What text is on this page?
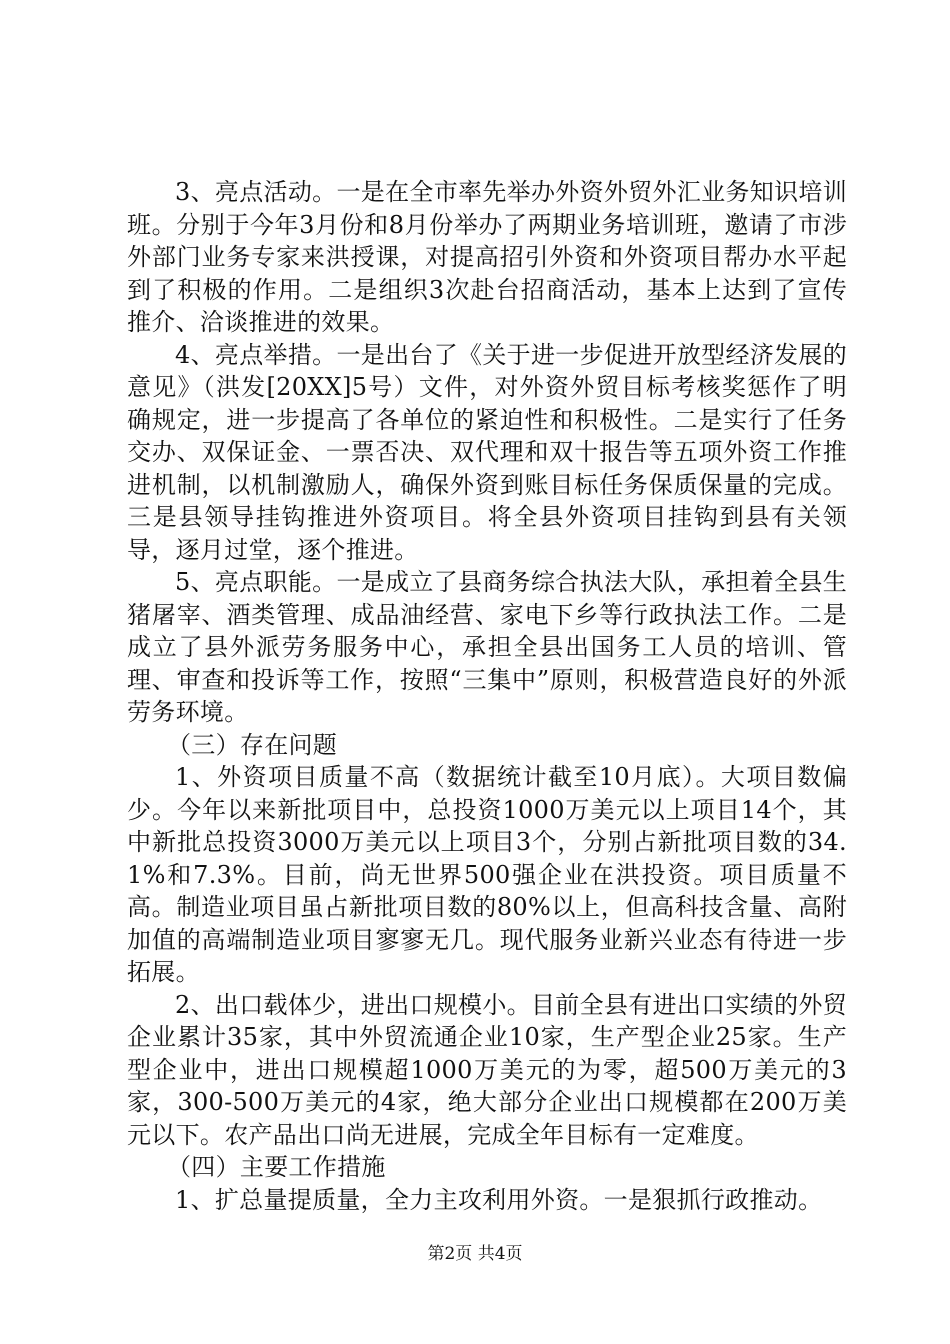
3、亮点活动。一是在全市率先举办外资外贸外汇业务知识培训班。分别于今年3月份和8月份举办了两期业务培训班，邀请了市涉外部门业务专家来洪授课，对提高招引外资和外资项目帮办水平起到了积极的作用。二是组织3次赴台招商活动，基本上达到了宣传推介、洽谈推进的效果。

4、亮点举措。一是出台了《关于进一步促进开放型经济发展的意见》（洪发[20XX]5号）文件，对外资外贸目标考核奖惩作了明确规定，进一步提高了各单位的紧迫性和积极性。二是实行了任务交办、双保证金、一票否决、双代理和双十报告等五项外资工作推进机制，以机制激励人，确保外资到账目标任务保质保量的完成。三是县领导挂钩推进外资项目。将全县外资项目挂钩到县有关领导，逐月过堂，逐个推进。

5、亮点职能。一是成立了县商务综合执法大队，承担着全县生猪屠宰、酒类管理、成品油经营、家电下乡等行政执法工作。二是成立了县外派劳务服务中心，承担全县出国务工人员的培训、管理、审查和投诉等工作，按照“三集中”原则，积极营造良好的外派劳务环境。

（三）存在问题

1、外资项目质量不高（数据统计截至10月底）。大项目数偏少。今年以来新批项目中，总投资1000万美元以上项目14个，其中新批总投资3000万美元以上项目3个，分别占新批项目数的34.1%和7.3%。目前，尚无世界500强企业在洪投资。项目质量不高。制造业项目虽占新批项目数的80%以上，但高科技含量、高附加值的高端制造业项目寥寥无几。现代服务业新兴业态有待进一步拓展。

2、出口载体少，进出口规模小。目前全县有进出口实绩的外贸企业累计35家，其中外贸流通企业10家，生产型企业25家。生产型企业中，进出口规模超1000万美元的为零，超500万美元的3家，300-500万美元的4家，绝大部分企业出口规模都在200万美元以下。农产品出口尚无进展，完成全年目标有一定难度。

（四）主要工作措施

1、扩总量提质量，全力主攻利用外资。一是狠抓行政推动。

第2页 共4页
